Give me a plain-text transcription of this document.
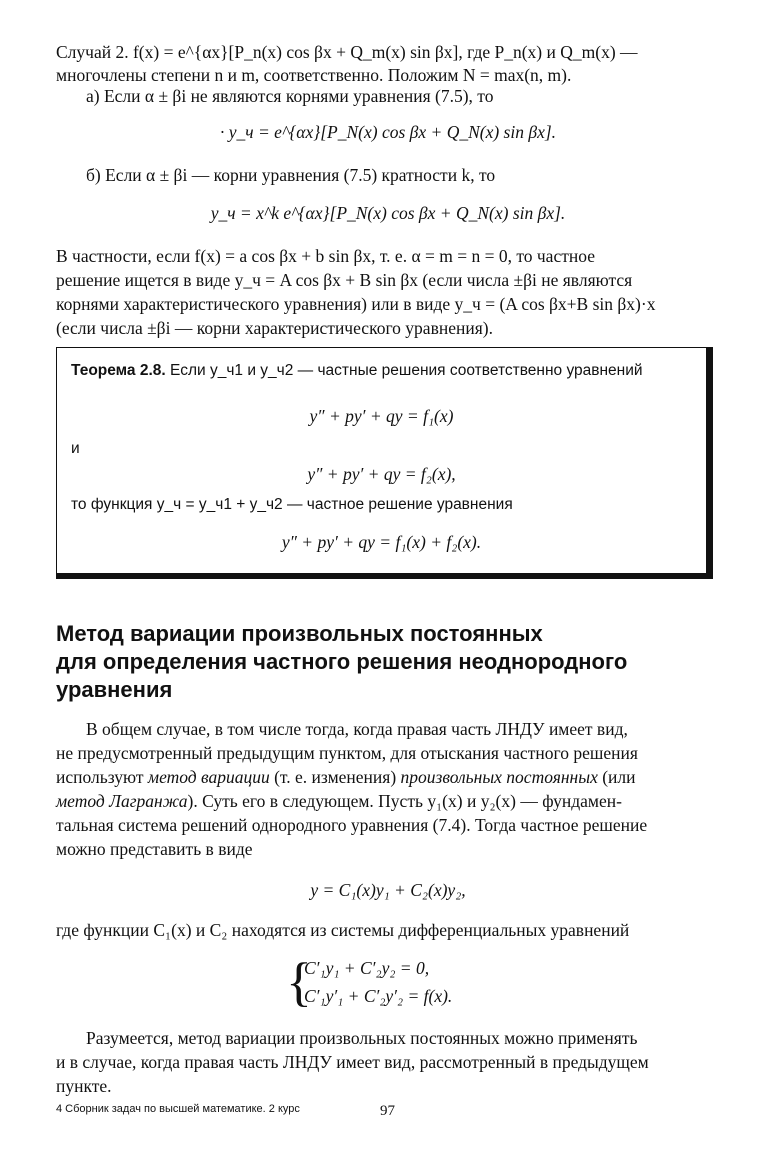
Случай 2. f(x) = e^{αx}[P_n(x) cos βx + Q_m(x) sin βx], где P_n(x) и Q_m(x) —
многочлены степени n и m, соответственно. Положим N = max(n, m).
а) Если α ± βi не являются корнями уравнения (7.5), то
· y_ч = e^{αx}[P_N(x) cos βx + Q_N(x) sin βx].
б) Если α ± βi — корни уравнения (7.5) кратности k, то
y_ч = x^k e^{αx}[P_N(x) cos βx + Q_N(x) sin βx].
В частности, если f(x) = a cos βx + b sin βx, т. е. α = m = n = 0, то частное
решение ищется в виде y_ч = A cos βx + B sin βx (если числа ±βi не являются
корнями характеристического уравнения) или в виде y_ч = (A cos βx+B sin βx)·x
(если числа ±βi — корни характеристического уравнения).
Теорема 2.8. Если y_ч1 и y_ч2 — частные решения соответственно уравнений
y″ + py′ + qy = f₁(x)
и
y″ + py′ + qy = f₂(x),
то функция y_ч = y_ч1 + y_ч2 — частное решение уравнения
y″ + py′ + qy = f₁(x) + f₂(x).
Метод вариации произвольных постоянных
для определения частного решения неоднородного
уравнения
В общем случае, в том числе тогда, когда правая часть ЛНДУ имеет вид,
не предусмотренный предыдущим пунктом, для отыскания частного решения
используют метод вариации (т. е. изменения) произвольных постоянных (или
метод Лагранжа). Суть его в следующем. Пусть y₁(x) и y₂(x) — фундамен-
тальная система решений однородного уравнения (7.4). Тогда частное решение
можно представить в виде
y = C₁(x)y₁ + C₂(x)y₂,
где функции C₁(x) и C₂ находятся из системы дифференциальных уравнений
{
C′₁y₁ + C′₂y₂ = 0,
C′₁y′₁ + C′₂y′₂ = f(x).
Разумеется, метод вариации произвольных постоянных можно применять
и в случае, когда правая часть ЛНДУ имеет вид, рассмотренный в предыдущем
пункте.
4 Сборник задач по высшей математике. 2 курс	97
